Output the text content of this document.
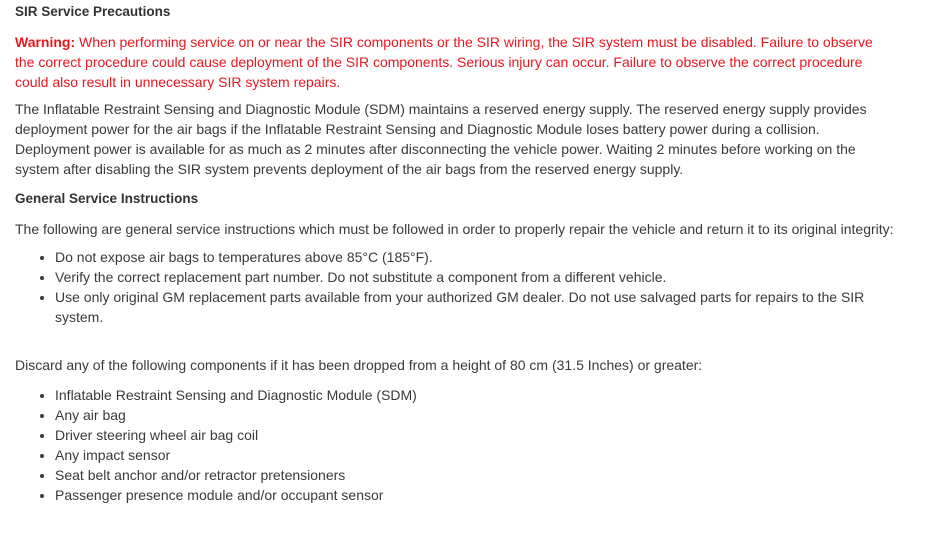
SIR Service Precautions

Warning: When performing service on or near the SIR components or the SIR wiring, the SIR system must be disabled. Failure to observe the correct procedure could cause deployment of the SIR components. Serious injury can occur. Failure to observe the correct procedure could also result in unnecessary SIR system repairs.

The Inflatable Restraint Sensing and Diagnostic Module (SDM) maintains a reserved energy supply. The reserved energy supply provides deployment power for the air bags if the Inflatable Restraint Sensing and Diagnostic Module loses battery power during a collision. Deployment power is available for as much as 2 minutes after disconnecting the vehicle power. Waiting 2 minutes before working on the system after disabling the SIR system prevents deployment of the air bags from the reserved energy supply.

General Service Instructions

The following are general service instructions which must be followed in order to properly repair the vehicle and return it to its original integrity:

• Do not expose air bags to temperatures above 85°C (185°F).
• Verify the correct replacement part number. Do not substitute a component from a different vehicle.
• Use only original GM replacement parts available from your authorized GM dealer. Do not use salvaged parts for repairs to the SIR system.

Discard any of the following components if it has been dropped from a height of 80 cm (31.5 Inches) or greater:

• Inflatable Restraint Sensing and Diagnostic Module (SDM)
• Any air bag
• Driver steering wheel air bag coil
• Any impact sensor
• Seat belt anchor and/or retractor pretensioners
• Passenger presence module and/or occupant sensor
